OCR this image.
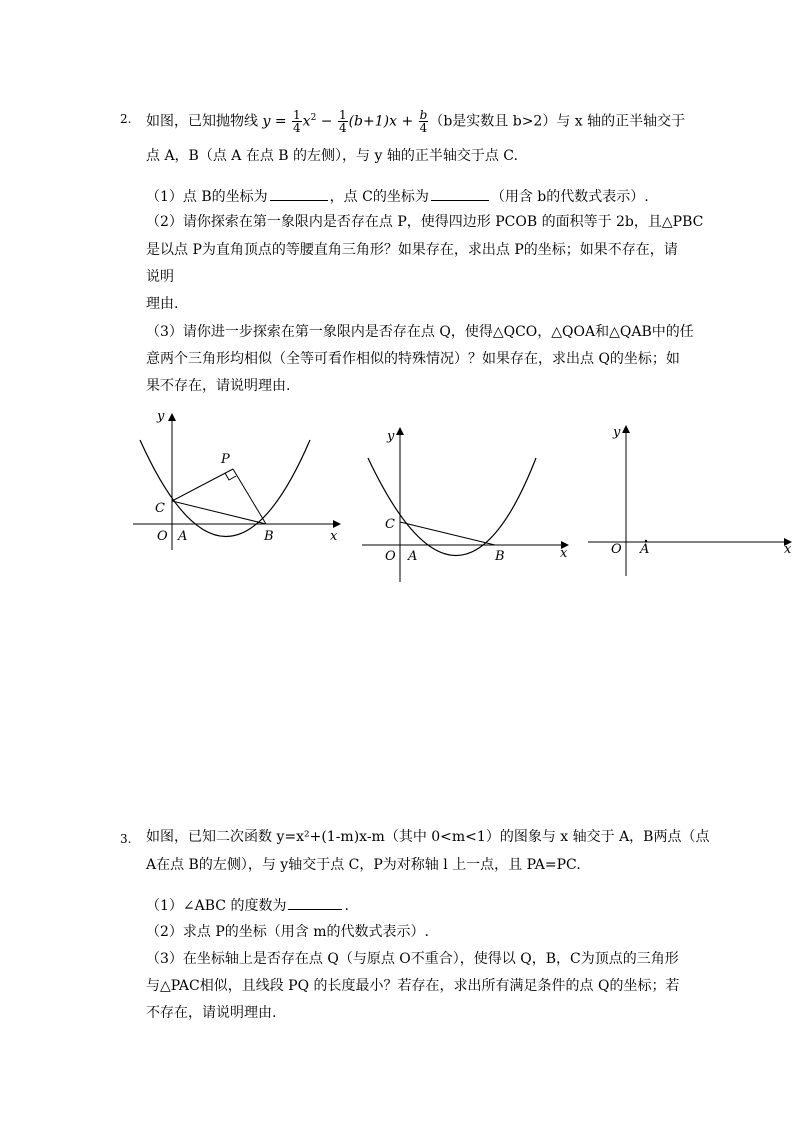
2. 如图，已知抛物线 $y = \frac{1}{4} x^2 - \frac{1}{4} (b+1)x + \frac{b}{4} (b$是实数且 b>2）与 x 轴的正半轴交于
点 A，B（点 A 在点 B 的左侧），与 y 轴的正半轴交于点 C.
（1）点 B的坐标为	，点 C的坐标为	（用含 b的代数式表示）.
（2）请你探索在第一象限内是否存在点 P，使得四边形 PCOB 的面积等于 2b，且△PBC
是以点 P为直角顶点的等腰直角三角形？如果存在，求出点 P的坐标；如果不存在，请
说明
理由.
（3）请你进一步探索在第一象限内是否存在点 Q，使得△QCO，△QOA和△QAB中的任
意两个三角形均相似（全等可看作相似的特殊情况）？如果存在，求出点 Q的坐标；如
果不存在，请说明理由.
y
x
O A	B
C
P
y
x
O A	B
C
y
x
O A
3. 如图，已知二次函数 y=x²+(1-m)x-m（其中 0<m<1）的图象与 x 轴交于 A，B两点（点
A在点 B的左侧），与 y轴交于点 C，P为对称轴 l 上一点，且 PA=PC.
（1）∠ABC 的度数为	.
（2）求点 P的坐标（用含 m的代数式表示）.
（3）在坐标轴上是否存在点 Q（与原点 O不重合），使得以 Q，B，C为顶点的三角形
与△PAC相似，且线段 PQ 的长度最小？若存在，求出所有满足条件的点 Q的坐标；若
不存在，请说明理由.
